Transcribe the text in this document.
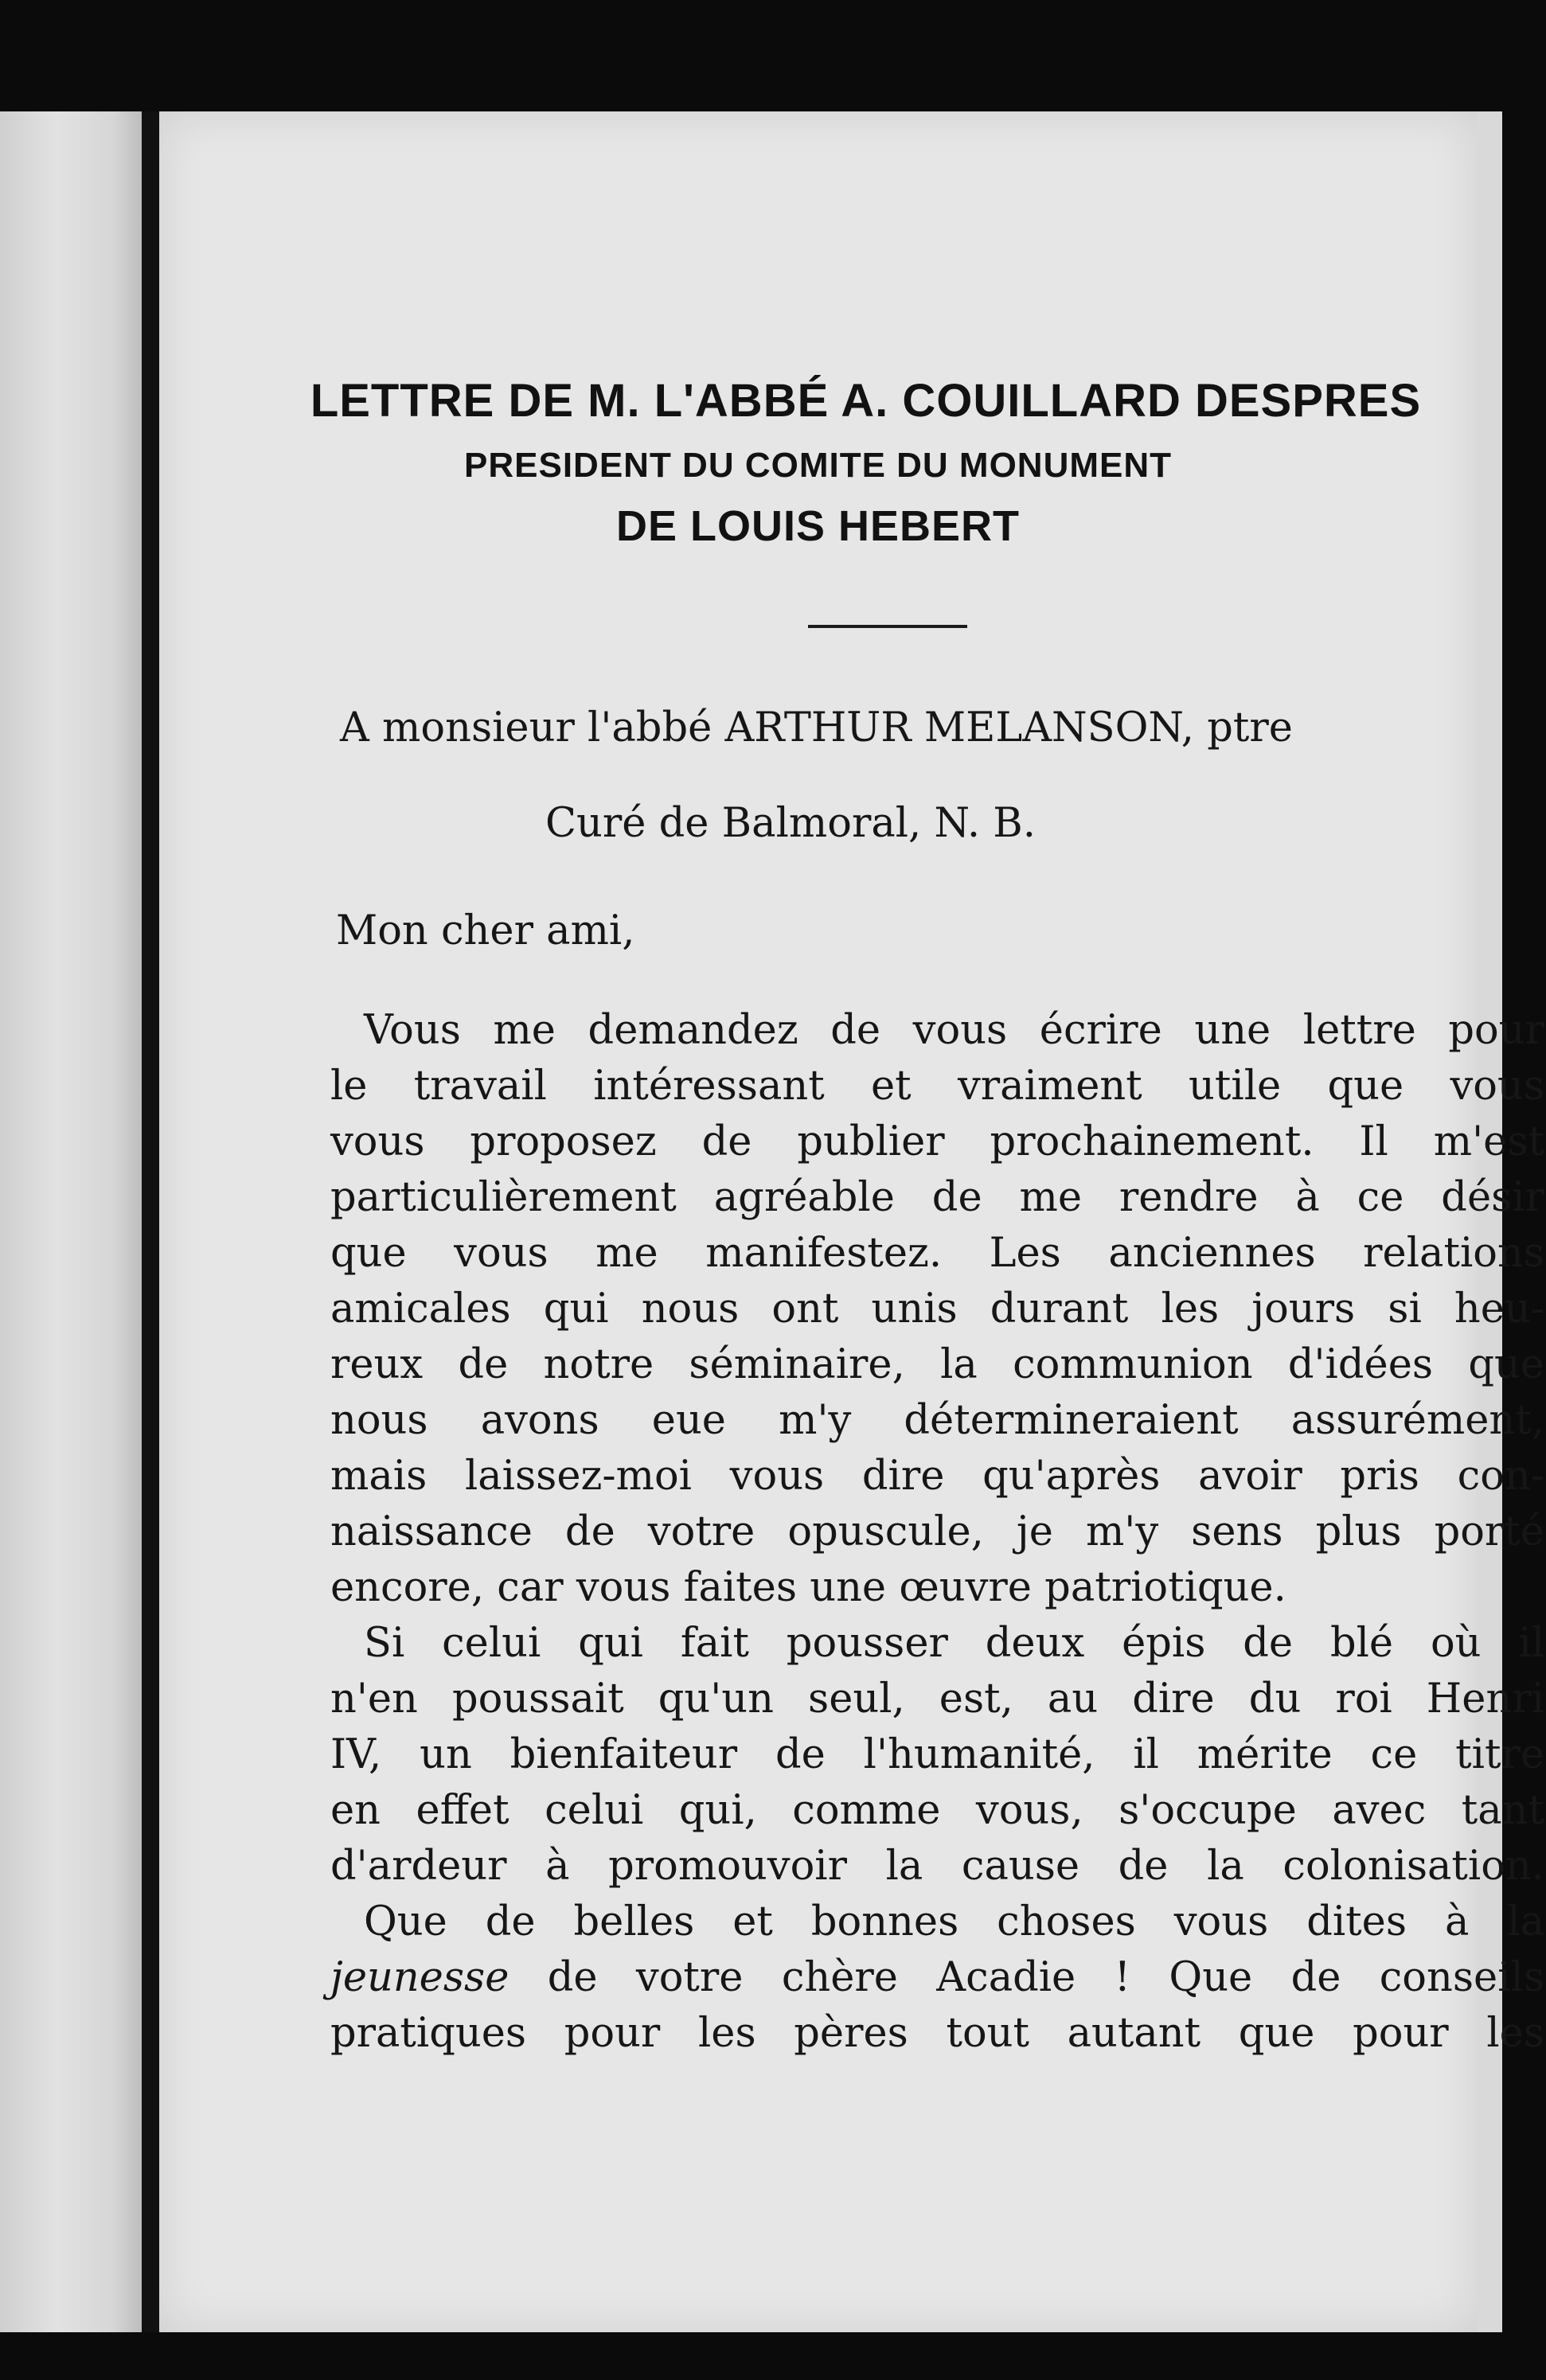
LETTRE DE M. L'ABBÉ A. COUILLARD DESPRES
PRESIDENT DU COMITE DU MONUMENT
DE LOUIS HEBERT
A monsieur l'abbé ARTHUR MELANSON, ptre
Curé de Balmoral, N. B.
Mon cher ami,
Vous me demandez de vous écrire une lettre pour
le travail intéressant et vraiment utile que vous
vous proposez de publier prochainement. Il m'est
particulièrement agréable de me rendre à ce désir
que vous me manifestez. Les anciennes relations
amicales qui nous ont unis durant les jours si heu-
reux de notre séminaire, la communion d'idées que
nous avons eue m'y détermineraient assurément,
mais laissez-moi vous dire qu'après avoir pris con-
naissance de votre opuscule, je m'y sens plus porté
encore, car vous faites une œuvre patriotique.
Si celui qui fait pousser deux épis de blé où il
n'en poussait qu'un seul, est, au dire du roi Henri
IV, un bienfaiteur de l'humanité, il mérite ce titre
en effet celui qui, comme vous, s'occupe avec tant
d'ardeur à promouvoir la cause de la colonisation.
Que de belles et bonnes choses vous dites à la
jeunesse de votre chère Acadie ! Que de conseils
pratiques pour les pères tout autant que pour les
